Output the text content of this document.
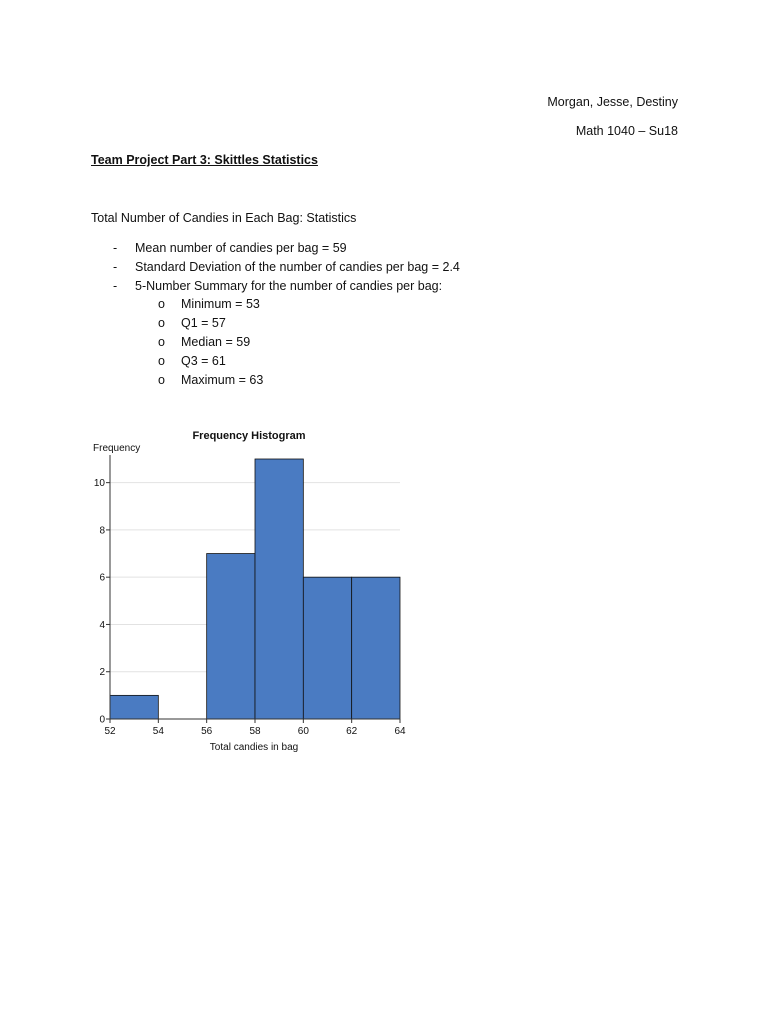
Morgan, Jesse, Destiny
Math 1040 – Su18
Team Project Part 3: Skittles Statistics
Total Number of Candies in Each Bag: Statistics
- Mean number of candies per bag = 59
- Standard Deviation of the number of candies per bag = 2.4
- 5-Number Summary for the number of candies per bag:
o Minimum = 53
o Q1 = 57
o Median = 59
o Q3 = 61
o Maximum = 63
Frequency Histogram
Frequency
Total candies in bag
0
2
4
6
8
10
52	54	56	58	60	62	64
